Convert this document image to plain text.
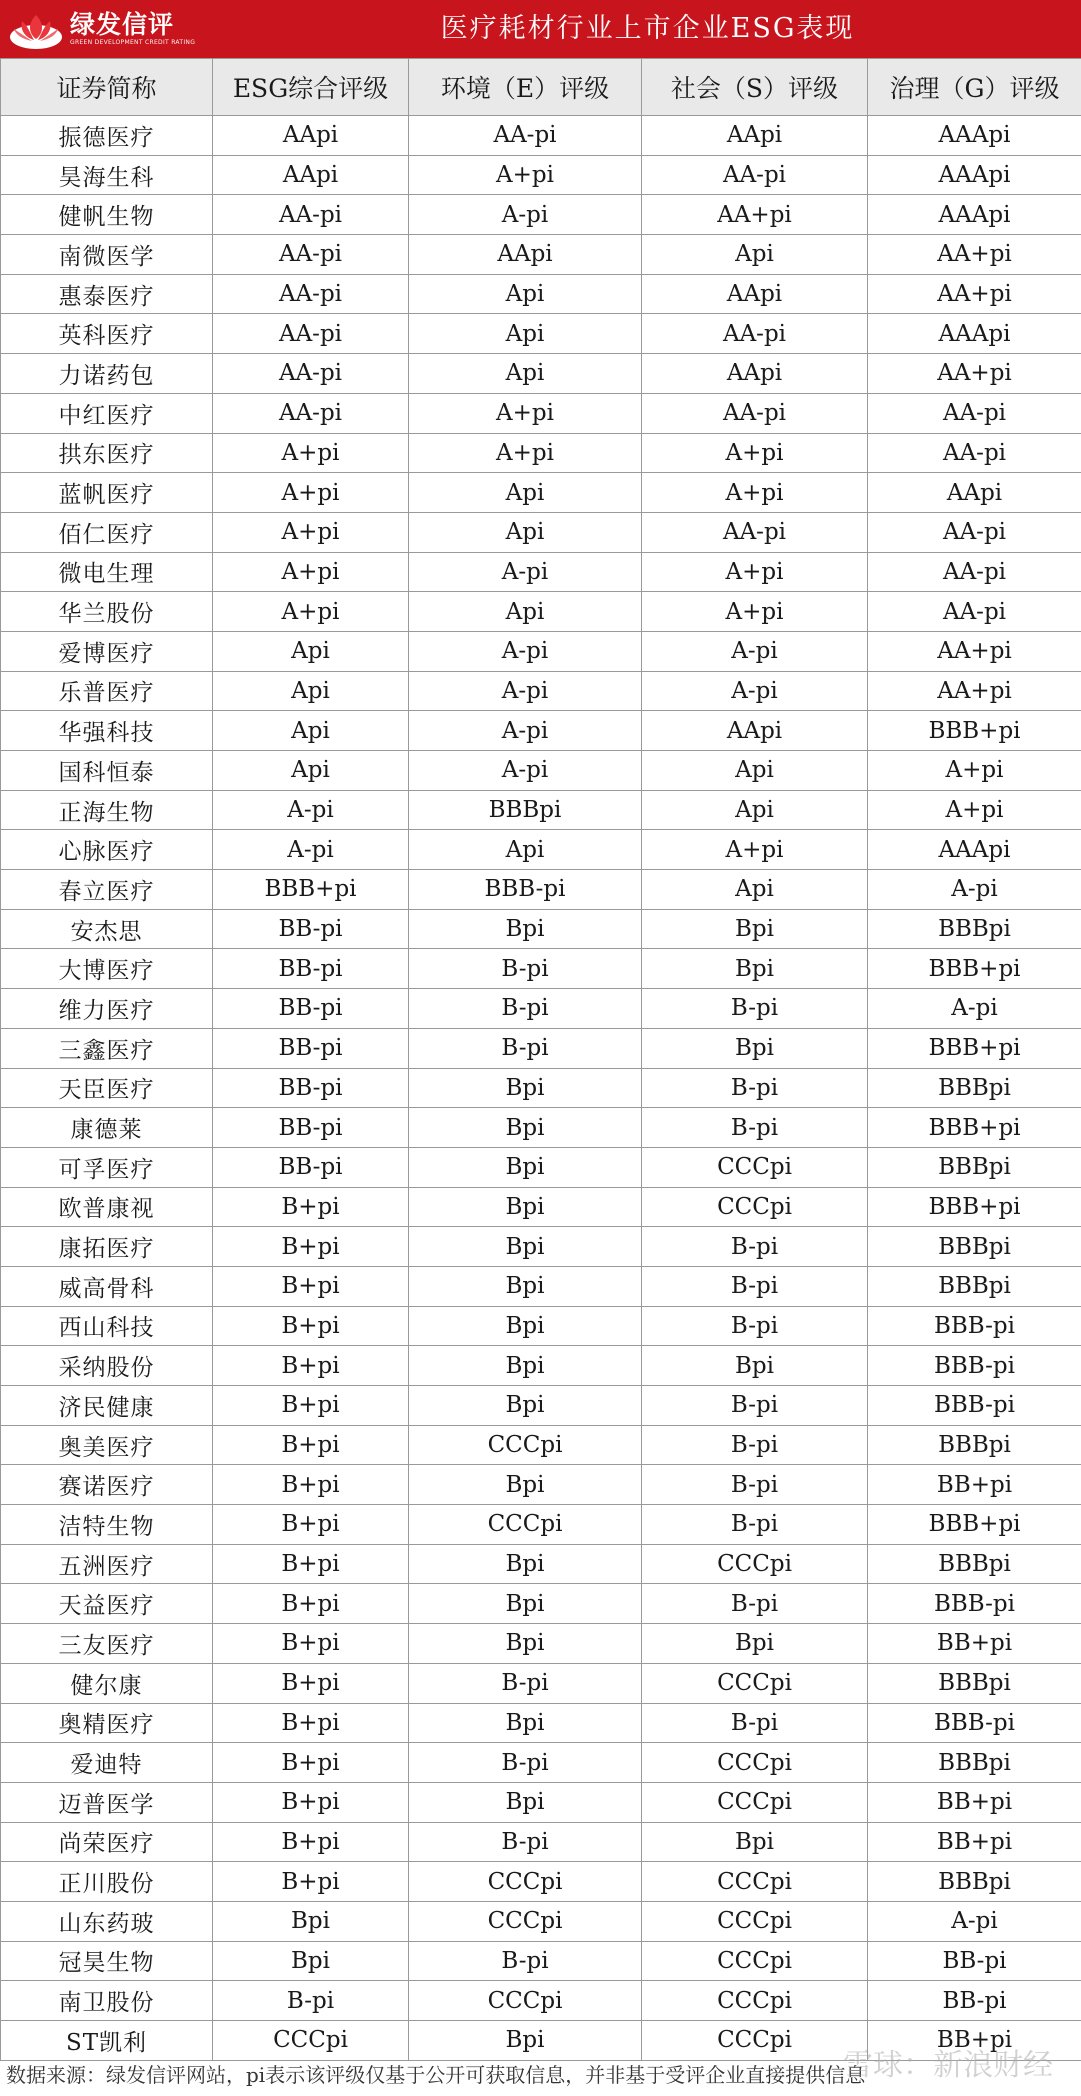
绿发信评
GREEN DEVELOPMENT CREDIT RATING	医疗耗材行业上市企业ESG表现
证券简称	ESG综合评级	环境（E）评级	社会（S）评级	治理（G）评级
振德医疗	AApi	AA-pi	AApi	AAApi
昊海生科	AApi	A+pi	AA-pi	AAApi
健帆生物	AA-pi	A-pi	AA+pi	AAApi
南微医学	AA-pi	AApi	Api	AA+pi
惠泰医疗	AA-pi	Api	AApi	AA+pi
英科医疗	AA-pi	Api	AA-pi	AAApi
力诺药包	AA-pi	Api	AApi	AA+pi
中红医疗	AA-pi	A+pi	AA-pi	AA-pi
拱东医疗	A+pi	A+pi	A+pi	AA-pi
蓝帆医疗	A+pi	Api	A+pi	AApi
佰仁医疗	A+pi	Api	AA-pi	AA-pi
微电生理	A+pi	A-pi	A+pi	AA-pi
华兰股份	A+pi	Api	A+pi	AA-pi
爱博医疗	Api	A-pi	A-pi	AA+pi
乐普医疗	Api	A-pi	A-pi	AA+pi
华强科技	Api	A-pi	AApi	BBB+pi
国科恒泰	Api	A-pi	Api	A+pi
正海生物	A-pi	BBBpi	Api	A+pi
心脉医疗	A-pi	Api	A+pi	AAApi
春立医疗	BBB+pi	BBB-pi	Api	A-pi
安杰思	BB-pi	Bpi	Bpi	BBBpi
大博医疗	BB-pi	B-pi	Bpi	BBB+pi
维力医疗	BB-pi	B-pi	B-pi	A-pi
三鑫医疗	BB-pi	B-pi	Bpi	BBB+pi
天臣医疗	BB-pi	Bpi	B-pi	BBBpi
康德莱	BB-pi	Bpi	B-pi	BBB+pi
可孚医疗	BB-pi	Bpi	CCCpi	BBBpi
欧普康视	B+pi	Bpi	CCCpi	BBB+pi
康拓医疗	B+pi	Bpi	B-pi	BBBpi
威高骨科	B+pi	Bpi	B-pi	BBBpi
西山科技	B+pi	Bpi	B-pi	BBB-pi
采纳股份	B+pi	Bpi	Bpi	BBB-pi
济民健康	B+pi	Bpi	B-pi	BBB-pi
奥美医疗	B+pi	CCCpi	B-pi	BBBpi
赛诺医疗	B+pi	Bpi	B-pi	BB+pi
洁特生物	B+pi	CCCpi	B-pi	BBB+pi
五洲医疗	B+pi	Bpi	CCCpi	BBBpi
天益医疗	B+pi	Bpi	B-pi	BBB-pi
三友医疗	B+pi	Bpi	Bpi	BB+pi
健尔康	B+pi	B-pi	CCCpi	BBBpi
奥精医疗	B+pi	Bpi	B-pi	BBB-pi
爱迪特	B+pi	B-pi	CCCpi	BBBpi
迈普医学	B+pi	Bpi	CCCpi	BB+pi
尚荣医疗	B+pi	B-pi	Bpi	BB+pi
正川股份	B+pi	CCCpi	CCCpi	BBBpi
山东药玻	Bpi	CCCpi	CCCpi	A-pi
冠昊生物	Bpi	B-pi	CCCpi	BB-pi
南卫股份	B-pi	CCCpi	CCCpi	BB-pi
ST凯利	CCCpi	Bpi	CCCpi	BB+pi
数据来源：绿发信评网站，pi表示该评级仅基于公开可获取信息，并非基于受评企业直接提供信息
雪球：新浪财经
